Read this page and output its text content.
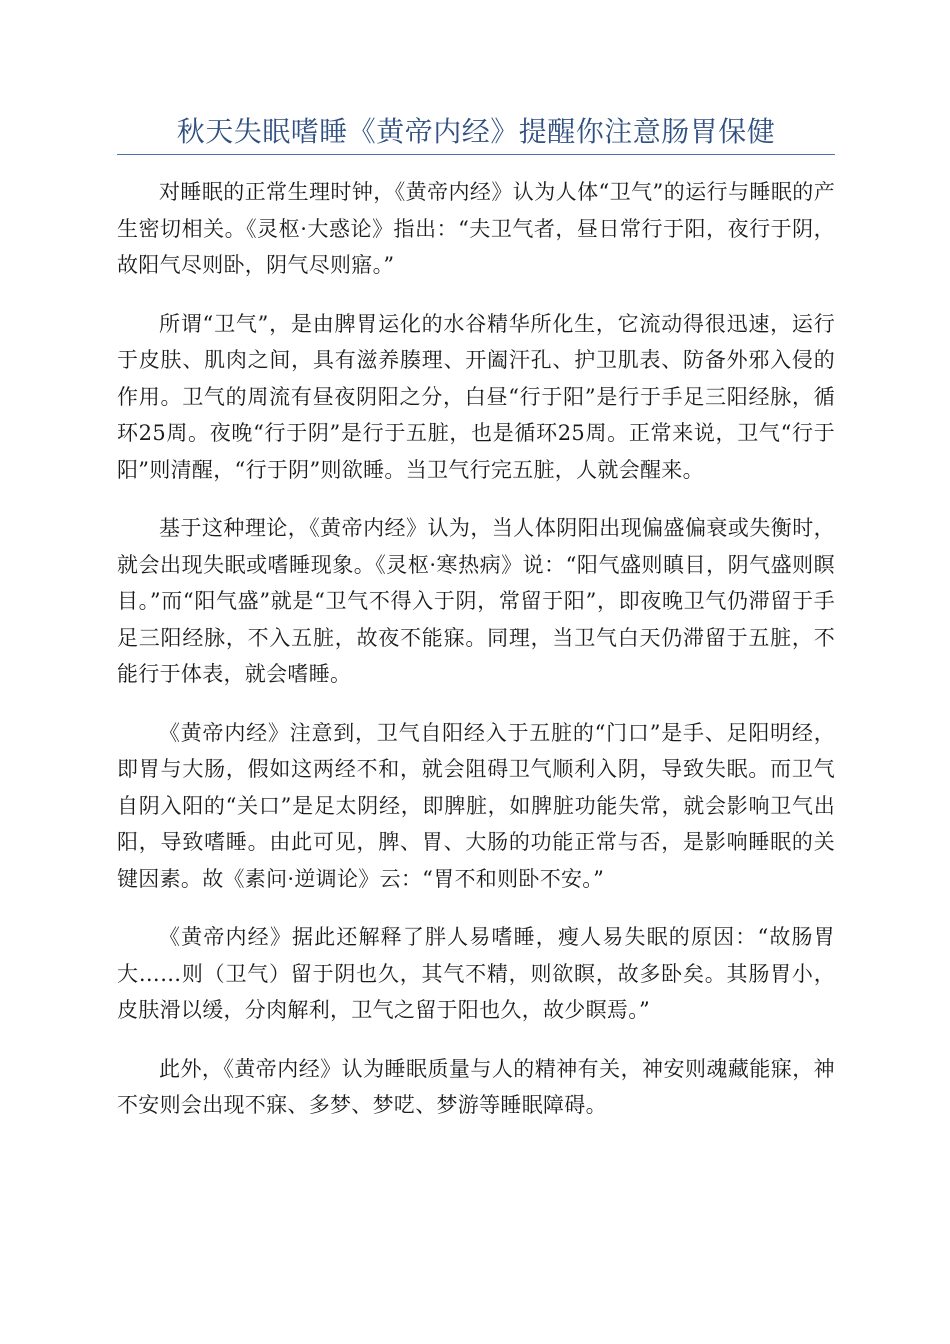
秋天失眠嗜睡《黄帝内经》提醒你注意肠胃保健

对睡眠的正常生理时钟，《黄帝内经》认为人体“卫气”的运行与睡眠的产生密切相关。《灵枢·大惑论》指出：“夫卫气者，昼日常行于阳，夜行于阴，故阳气尽则卧，阴气尽则寤。”

所谓“卫气”，是由脾胃运化的水谷精华所化生，它流动得很迅速，运行于皮肤、肌肉之间，具有滋养腠理、开阖汗孔、护卫肌表、防备外邪入侵的作用。卫气的周流有昼夜阴阳之分，白昼“行于阳”是行于手足三阳经脉，循环25周。夜晚“行于阴”是行于五脏，也是循环25周。正常来说，卫气“行于阳”则清醒，“行于阴”则欲睡。当卫气行完五脏，人就会醒来。

基于这种理论，《黄帝内经》认为，当人体阴阳出现偏盛偏衰或失衡时，就会出现失眠或嗜睡现象。《灵枢·寒热病》说：“阳气盛则瞋目，阴气盛则瞑目。”而“阳气盛”就是“卫气不得入于阴，常留于阳”，即夜晚卫气仍滞留于手足三阳经脉，不入五脏，故夜不能寐。同理，当卫气白天仍滞留于五脏，不能行于体表，就会嗜睡。

《黄帝内经》注意到，卫气自阳经入于五脏的“门口”是手、足阳明经，即胃与大肠，假如这两经不和，就会阻碍卫气顺利入阴，导致失眠。而卫气自阴入阳的“关口”是足太阴经，即脾脏，如脾脏功能失常，就会影响卫气出阳，导致嗜睡。由此可见，脾、胃、大肠的功能正常与否，是影响睡眠的关键因素。故《素问·逆调论》云：“胃不和则卧不安。”

《黄帝内经》据此还解释了胖人易嗜睡，瘦人易失眠的原因：“故肠胃大……则（卫气）留于阴也久，其气不精，则欲瞑，故多卧矣。其肠胃小，皮肤滑以缓，分肉解利，卫气之留于阳也久，故少瞑焉。”

此外，《黄帝内经》认为睡眠质量与人的精神有关，神安则魂藏能寐，神不安则会出现不寐、多梦、梦呓、梦游等睡眠障碍。
